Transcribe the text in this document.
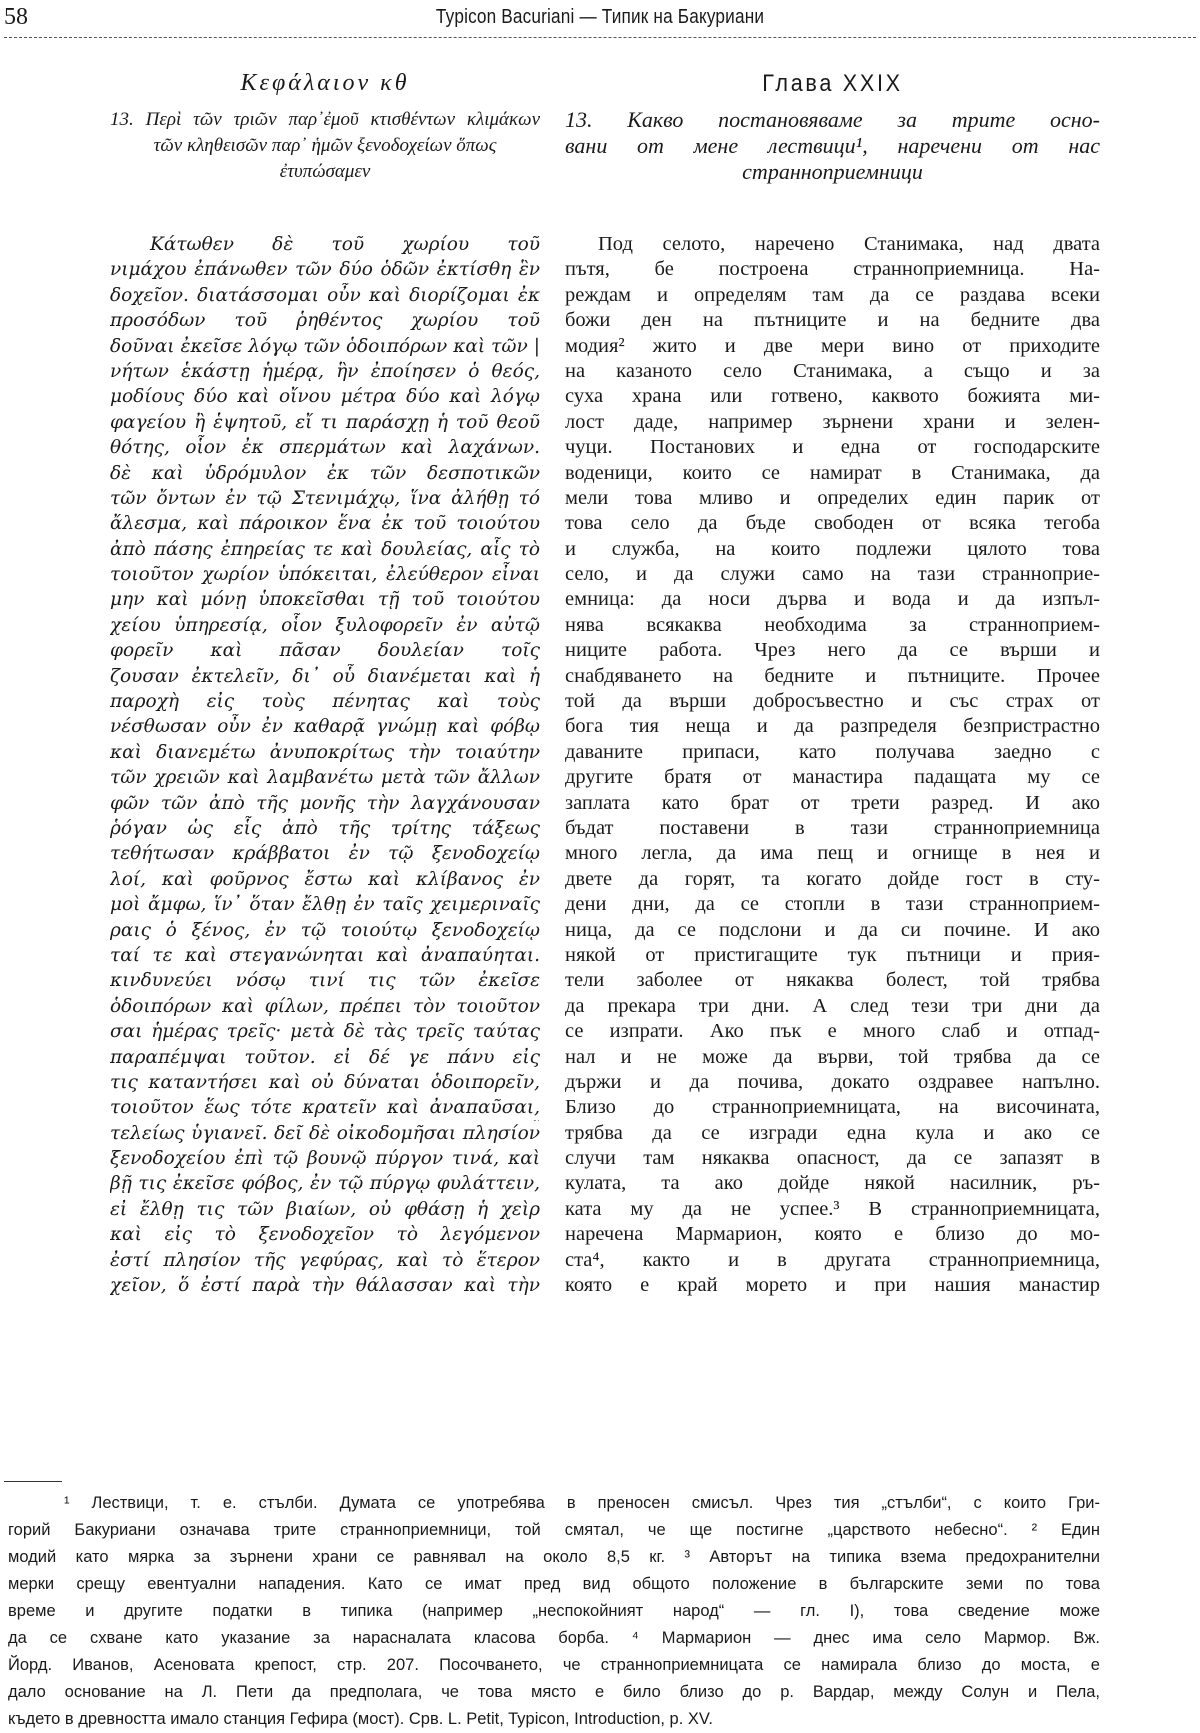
58	Typicon Bacuriani — Типик на Бакуриани
Κεφάλαιον κθ	Глава XXIX
13. Περὶ τῶν τριῶν παρ᾿ἐμοῦ κτισθέντων κλιμάκων
τῶν κληθεισῶν παρ᾿ ἡμῶν ξενοδοχείων ὅπως
ἐτυπώσαμεν
13. Какво постановяваме за трите осно-
вани от мене лествици¹, наречени от нас
странноприемници
Κάτωθεν δὲ τοῦ χωρίου τοῦ
νιμάχου ἐπάνωθεν τῶν δύο ὁδῶν ἐκτίσθη ἓν
δοχεῖον. διατάσσομαι οὖν καὶ διορίζομαι ἐκ
προσόδων τοῦ ῥηθέντος χωρίου τοῦ
δοῦναι ἐκεῖσε λόγῳ τῶν ὁδοιπόρων καὶ τῶν |
νήτων ἑκάστῃ ἡμέρᾳ, ἣν ἐποίησεν ὁ θεός,
μοδίους δύο καὶ οἴνου μέτρα δύο καὶ λόγῳ
φαγείου ἢ ἑψητοῦ, εἴ τι παράσχῃ ἡ τοῦ θεοῦ
θότης, οἷον ἐκ σπερμάτων καὶ λαχάνων.
δὲ καὶ ὑδρόμυλον ἐκ τῶν δεσποτικῶν
τῶν ὄντων ἐν τῷ Στενιμάχῳ, ἵνα ἀλήθῃ τό
ἄλεσμα, καὶ πάροικον ἕνα ἐκ τοῦ τοιούτου
ἀπὸ πάσης ἐπηρείας τε καὶ δουλείας, αἷς τὸ
τοιοῦτον χωρίον ὑπόκειται, ἐλεύθερον εἶναι
μην καὶ μόνῃ ὑποκεῖσθαι τῇ τοῦ τοιούτου
χείου ὑπηρεσίᾳ, οἷον ξυλοφορεῖν ἐν αὐτῷ
φορεῖν καὶ πᾶσαν δουλείαν τοῖς
ζουσαν ἐκτελεῖν, δι᾿ οὗ διανέμεται καὶ ἡ
παροχὴ εἰς τοὺς πένητας καὶ τοὺς
νέσθωσαν οὖν ἐν καθαρᾷ γνώμῃ καὶ φόβῳ
καὶ διανεμέτω ἀνυποκρίτως τὴν τοιαύτην
τῶν χρειῶν καὶ λαμβανέτω μετὰ τῶν ἄλλων
φῶν τῶν ἀπὸ τῆς μονῆς τὴν λαγχάνουσαν
ῥόγαν ὡς εἷς ἀπὸ τῆς τρίτης τάξεως
τεθήτωσαν κράββατοι ἐν τῷ ξενοδοχείῳ
λοί, καὶ φοῦρνος ἔστω καὶ κλίβανος ἐν
μοὶ ἄμφω, ἵν᾿ ὅταν ἔλθῃ ἐν ταῖς χειμεριναῖς
ραις ὁ ξένος, ἐν τῷ τοιούτῳ ξενοδοχείῳ
ταί τε καὶ στεγανώνηται καὶ ἀναπαύηται.
κινδυνεύει νόσῳ τινί τις τῶν ἐκεῖσε
ὁδοιπόρων καὶ φίλων, πρέπει τὸν τοιοῦτον
σαι ἡμέρας τρεῖς· μετὰ δὲ τὰς τρεῖς ταύτας
παραπέμψαι τοῦτον. εἰ δέ γε πάνυ εἰς
τις καταντήσει καὶ οὐ δύναται ὁδοιπορεῖν,
τοιοῦτον ἕως τότε κρατεῖν καὶ ἀναπαῦσαι,
τελείως ὑγιανεῖ. δεῖ δὲ οἰκοδομῆσαι πλησίον
ξενοδοχείου ἐπὶ τῷ βουνῷ πύργον τινά, καὶ
βῇ τις ἐκεῖσε φόβος, ἐν τῷ πύργῳ φυλάττειν,
εἰ ἔλθῃ τις τῶν βιαίων, οὐ φθάσῃ ἡ χεὶρ
καὶ εἰς τὸ ξενοδοχεῖον τὸ λεγόμενον
ἐστί πλησίον τῆς γεφύρας, καὶ τὸ ἕτερον
χεῖον, ὅ ἐστί παρὰ τὴν θάλασσαν καὶ τὴν
Под селото, наречено Станимака, над двата
пътя, бе построена странноприемница. На-
реждам и определям там да се раздава всеки
божи ден на пътниците и на бедните два
модия² жито и две мери вино от приходите
на казаното село Станимака, а също и за
суха храна или готвено, каквото божията ми-
лост даде, например зърнени храни и зелен-
чуци. Постанових и една от господарските
воденици, които се намират в Станимака, да
мели това мливо и определих един парик от
това село да бъде свободен от всяка тегоба
и служба, на които подлежи цялото това
село, и да служи само на тази странноприе-
емница: да носи дърва и вода и да изпъл-
нява всякаква необходима за странноприем-
ниците работа. Чрез него да се върши и
снабдяването на бедните и пътниците. Прочее
той да върши добросъвестно и със страх от
бога тия неща и да разпределя безпристрастно
даваните припаси, като получава заедно с
другите братя от манастира падащата му се
заплата като брат от трети разред. И ако
бъдат поставени в тази странноприемница
много легла, да има пещ и огнище в нея и
двете да горят, та когато дойде гост в сту-
дени дни, да се стопли в тази странноприем-
ница, да се подслони и да си почине. И ако
някой от пристигащите тук пътници и прия-
тели заболее от някаква болест, той трябва
да прекара три дни. А след тези три дни да
се изпрати. Ако пък е много слаб и отпад-
нал и не може да върви, той трябва да се
държи и да почива, докато оздравее напълно.
Близо до странноприемницата, на височината,
трябва да се изгради една кула и ако се
случи там някаква опасност, да се запазят в
кулата, та ако дойде някой насилник, ръ-
ката му да не успее.³ В странноприемницата,
наречена Мармарион, която е близо до мо-
ста⁴, както и в другата странноприемница,
която е край морето и при нашия манастир
¹ Лествици, т. е. стълби. Думата се употребява в преносен смисъл. Чрез тия „стълби“, с които Гри-
горий Бакуриани означава трите странноприемници, той смятал, че ще постигне „царството небесно“. ² Един
модий като мярка за зърнени храни се равнявал на около 8,5 кг. ³ Авторът на типика взема предохранителни
мерки срещу евентуални нападения. Като се имат пред вид общото положение в българските земи по това
време и другите податки в типика (например „неспокойният народ“ — гл. I), това сведение може
да се схване като указание за нарасналата класова борба. ⁴ Мармарион — днес има село Мармор. Вж.
Йорд. Иванов, Асеновата крепост, стр. 207. Посочването, че странноприемницата се намирала близо до моста, е
дало основание на Л. Пети да предполага, че това място е било близо до р. Вардар, между Солун и Пела,
където в древността имало станция Гефира (мост). Срв. L. Petit, Typicon, Introduction, p. XV.
